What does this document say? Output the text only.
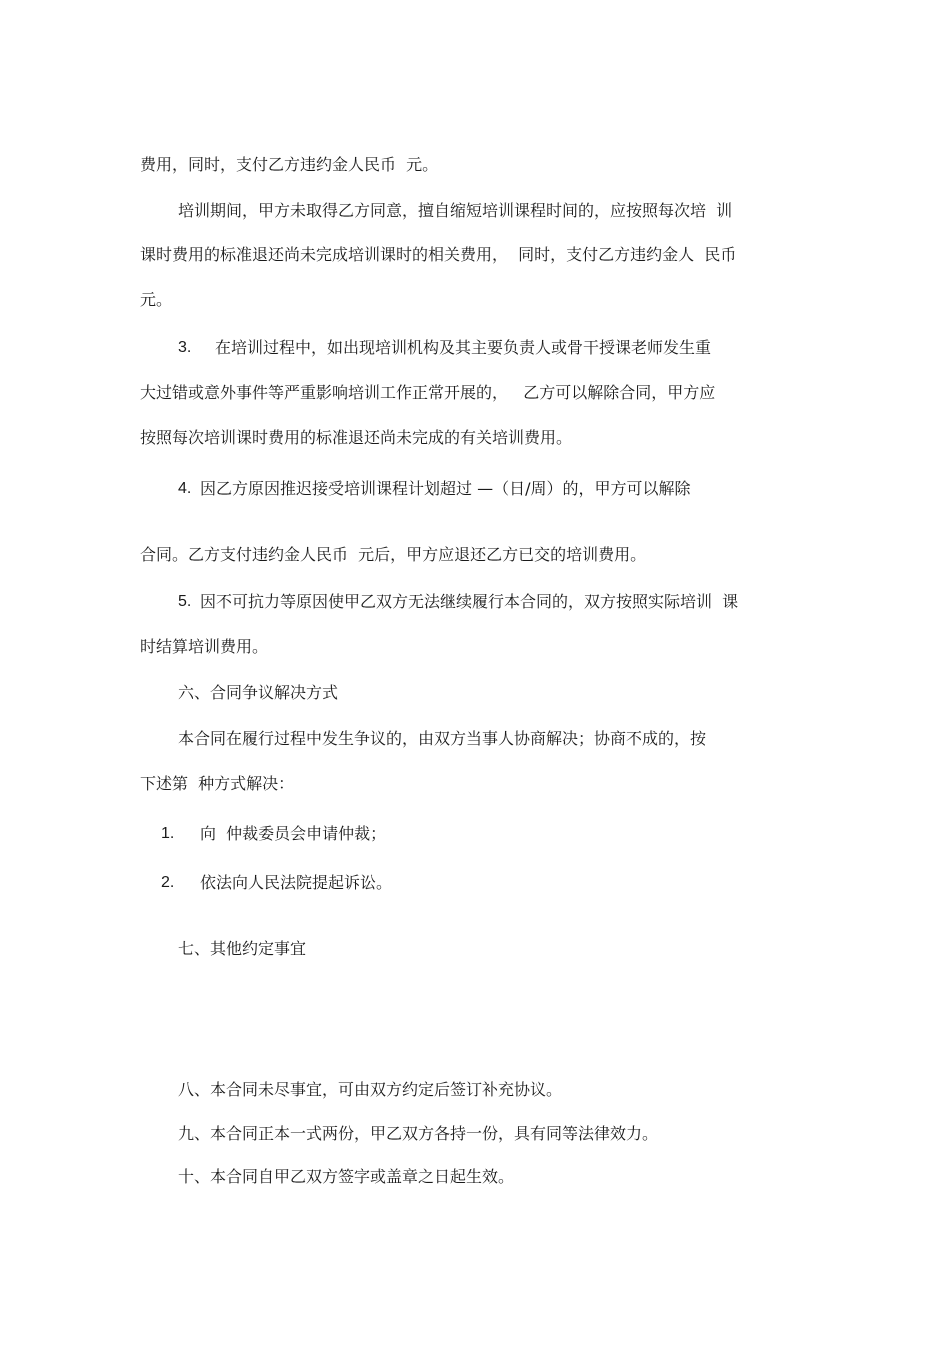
费用，同时，支付乙方违约金人民币  元。
培训期间，甲方未取得乙方同意，擅自缩短培训课程时间的，应按照每次培  训
课时费用的标准退还尚未完成培训课时的相关费用，  同时，支付乙方违约金人  民币
元。
3. 在培训过程中，如出现培训机构及其主要负责人或骨干授课老师发生重
大过错或意外事件等严重影响培训工作正常开展的，   乙方可以解除合同，甲方应
按照每次培训课时费用的标准退还尚未完成的有关培训费用。
4. 因乙方原因推迟接受培训课程计划超过 —（日/周）的，甲方可以解除
合同。乙方支付违约金人民币  元后，甲方应退还乙方已交的培训费用。
5. 因不可抗力等原因使甲乙双方无法继续履行本合同的，双方按照实际培训  课
时结算培训费用。
六、合同争议解决方式
本合同在履行过程中发生争议的，由双方当事人协商解决；协商不成的，按
下述第  种方式解决：
1. 向  仲裁委员会申请仲裁；
2. 依法向人民法院提起诉讼。
七、其他约定事宜
八、本合同未尽事宜，可由双方约定后签订补充协议。
九、本合同正本一式两份，甲乙双方各持一份，具有同等法律效力。
十、本合同自甲乙双方签字或盖章之日起生效。
